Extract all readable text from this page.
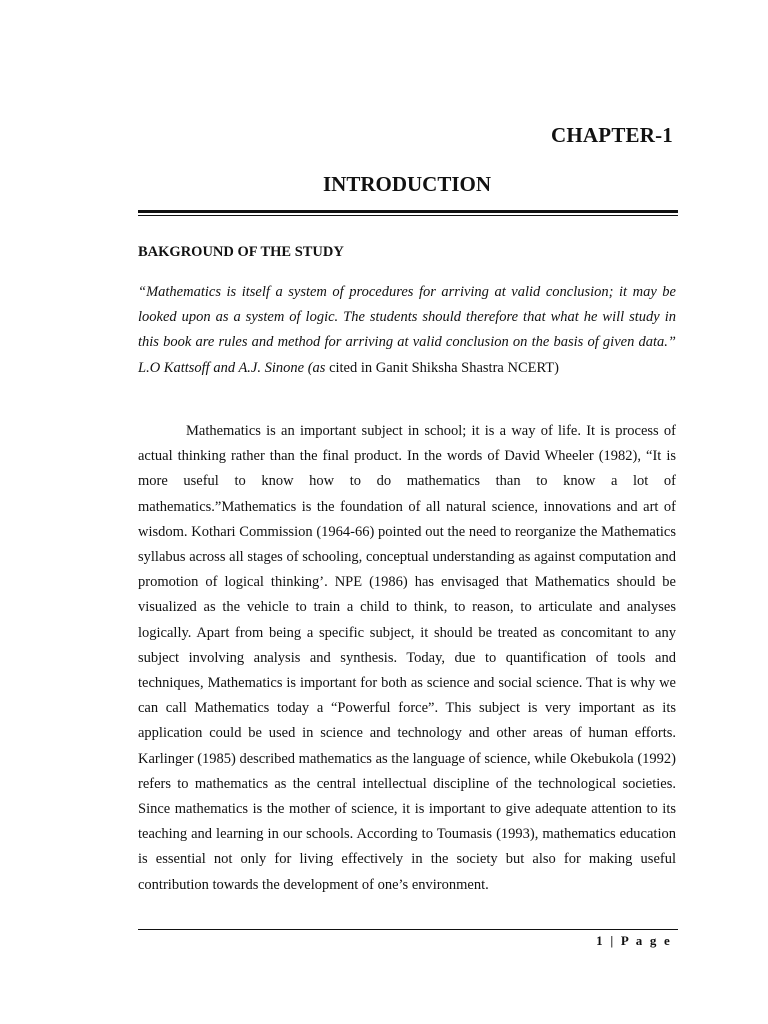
CHAPTER-1
INTRODUCTION
BAKGROUND OF THE STUDY
“Mathematics is itself a system of procedures for arriving at valid conclusion; it may be looked upon as a system of logic. The students should therefore that what he will study in this book are rules and method for arriving at valid conclusion on the basis of given data.” L.O Kattsoff and A.J. Sinone (as cited in Ganit Shiksha Shastra NCERT)
Mathematics is an important subject in school; it is a way of life. It is process of actual thinking rather than the final product. In the words of David Wheeler (1982), “It is more useful to know how to do mathematics than to know a lot of mathematics.”Mathematics is the foundation of all natural science, innovations and art of wisdom. Kothari Commission (1964-66) pointed out the need to reorganize the Mathematics syllabus across all stages of schooling, conceptual understanding as against computation and promotion of logical thinking’. NPE (1986) has envisaged that Mathematics should be visualized as the vehicle to train a child to think, to reason, to articulate and analyses logically. Apart from being a specific subject, it should be treated as concomitant to any subject involving analysis and synthesis. Today, due to quantification of tools and techniques, Mathematics is important for both as science and social science. That is why we can call Mathematics today a “Powerful force”. This subject is very important as its application could be used in science and technology and other areas of human efforts. Karlinger (1985) described mathematics as the language of science, while Okebukola (1992) refers to mathematics as the central intellectual discipline of the technological societies. Since mathematics is the mother of science, it is important to give adequate attention to its teaching and learning in our schools. According to Toumasis (1993), mathematics education is essential not only for living effectively in the society but also for making useful contribution towards the development of one’s environment.
1 | P a g e
